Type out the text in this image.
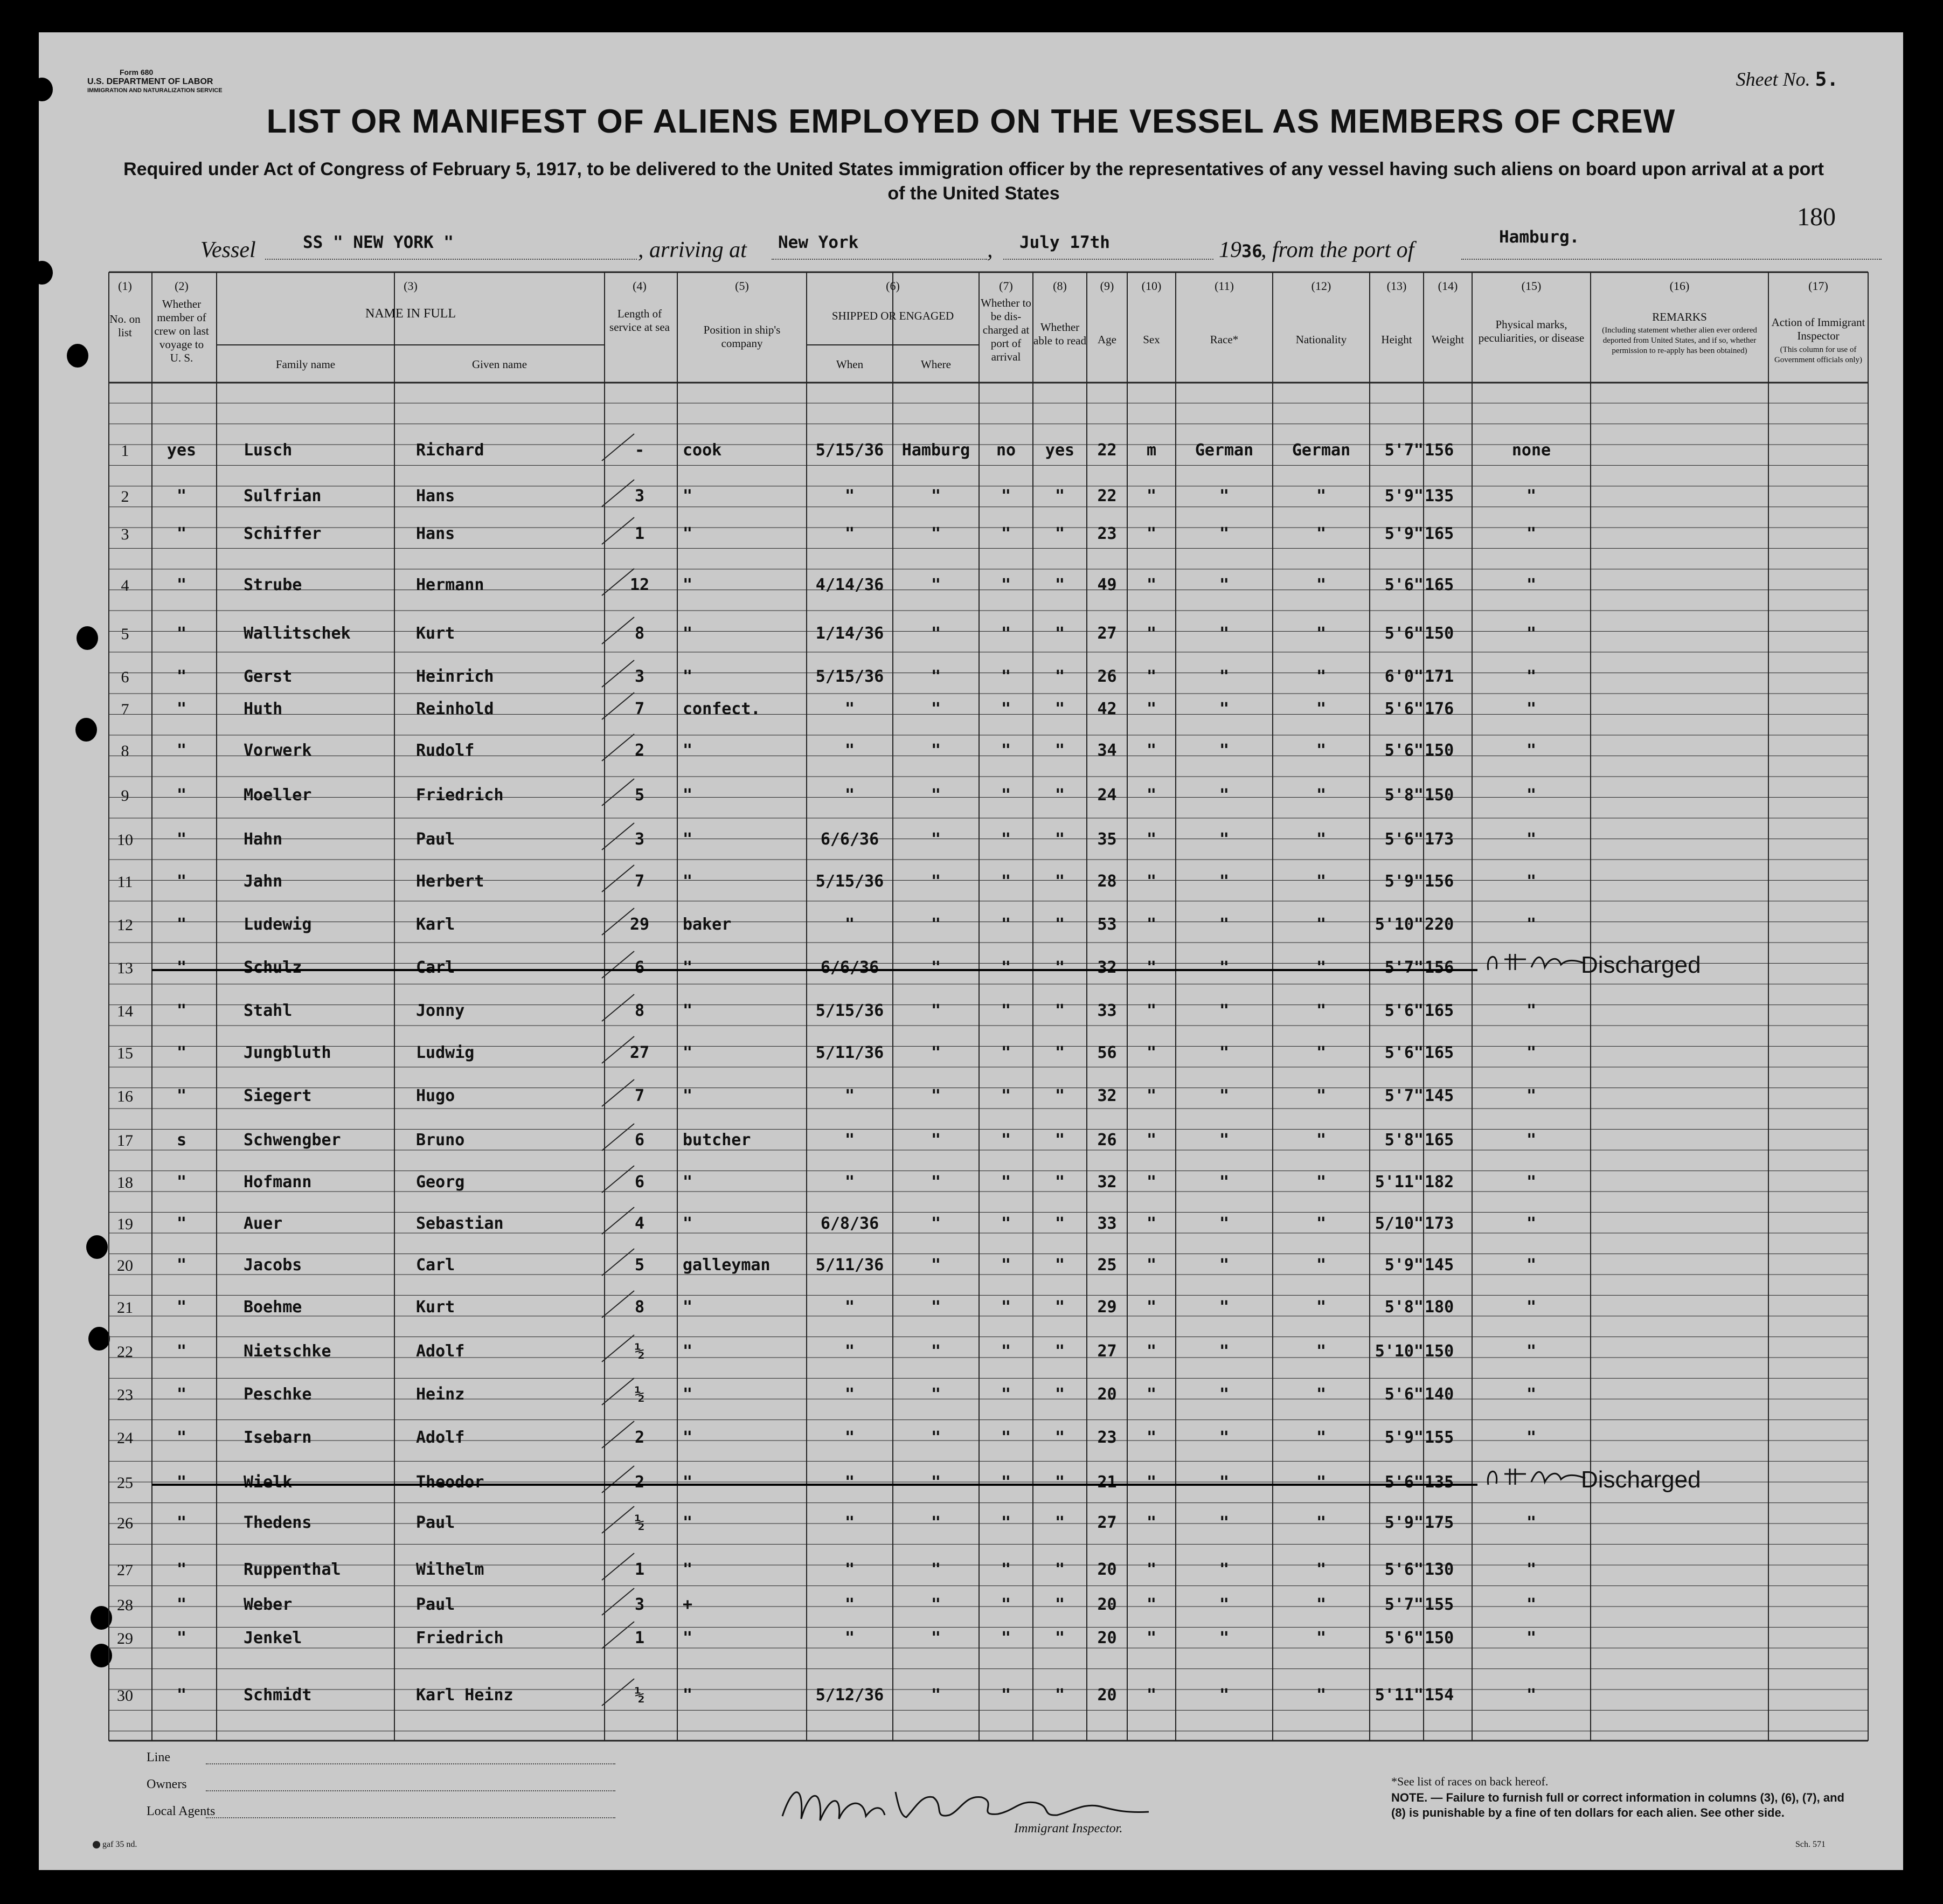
Form 680
U.S. DEPARTMENT OF LABOR
IMMIGRATION AND NATURALIZATION SERVICE
Sheet No. 5.
LIST OR MANIFEST OF ALIENS EMPLOYED ON THE VESSEL AS MEMBERS OF CREW
Required under Act of Congress of February 5, 1917, to be delivered to the United States immigration officer by the representatives of any vessel having such aliens on board upon arrival at a port of the United States
180
Vessel	SS " NEW YORK "	, arriving at New York	, July 17th	1936
, from the port of
Hamburg.
(1)
No. on list
(2)
Whether member of crew on last voyage to U. S.
(3)
NAME IN FULL
Family name	Given name
(4)
Length of service at sea
(5)
Position in ship's company
(6)
SHIPPED OR ENGAGED
When	Where
(7)
Whether to be dis-charged at port of arrival
(8)
Whether able to read
(9)
Age
(10)
Sex
(11)
Race*
(12)
Nationality
(13)
Height
(14)
Weight
(15)
Physical marks, peculiarities, or disease
(16)
REMARKS
(Including statement whether alien ever ordered deported from United States, and if so, whether permission to re-apply has been obtained)
(17)
Action of Immigrant Inspector
(This column for use of Government officials only)
1	yes	Lusch	Richard	-	cook	5/15/36	Hamburg	no	yes	22	m	German	German	5'7" 156	none
2	"	Sulfrian	Hans	3	"	"	"	"	"	22	"	"	"	5'9" 135	"
3	"	Schiffer	Hans	1	"	"	"	"	"	23	"	"	"	5'9" 165	"
4	"	Strube	Hermann	12	"	4/14/36	"	"	"	49	"	"	"	5'6" 165	"
5	"	Wallitschek	Kurt	8	"	1/14/36	"	"	"	27	"	"	"	5'6" 150	"
6	"	Gerst	Heinrich	3	"	5/15/36	"	"	"	26	"	"	"	6'0" 171	"
7	"	Huth	Reinhold	7	confect.	"	"	"	"	42	"	"	"	5'6" 176	"
8	"	Vorwerk	Rudolf	2	"	"	"	"	"	34	"	"	"	5'6" 150	"
9	"	Moeller	Friedrich	5	"	"	"	"	"	24	"	"	"	5'8" 150	"
10	"	Hahn	Paul	3	"	6/6/36	"	"	"	35	"	"	"	5'6" 173	"
11	"	Jahn	Herbert	7	"	5/15/36	"	"	"	28	"	"	"	5'9" 156	"
12	"	Ludewig	Karl	29	baker	"	"	"	"	53	"	"	"	5'10" 220	"
13	"	Schulz	Carl	6	"	6/6/36	"	"	"	32	"	"	"	5'7" 156	Discharged
14	"	Stahl	Jonny	8	"	5/15/36	"	"	"	33	"	"	"	5'6" 165	"
15	"	Jungbluth	Ludwig	27	"	5/11/36	"	"	"	56	"	"	"	5'6" 165	"
16	"	Siegert	Hugo	7	"	"	"	"	"	32	"	"	"	5'7" 145	"
17	s	Schwengber	Bruno	6	butcher	"	"	"	"	26	"	"	"	5'8" 165	"
18	"	Hofmann	Georg	6	"	"	"	"	"	32	"	"	"	5'11" 182	"
19	"	Auer	Sebastian	4	"	6/8/36	"	"	"	33	"	"	"	5/10" 173	"
20	"	Jacobs	Carl	5	galleyman	5/11/36	"	"	"	25	"	"	"	5'9" 145	"
21	"	Boehme	Kurt	8	"	"	"	"	"	29	"	"	"	5'8" 180	"
22	"	Nietschke	Adolf	½	"	"	"	"	"	27	"	"	"	5'10" 150	"
23	"	Peschke	Heinz	½	"	"	"	"	"	20	"	"	"	5'6" 140	"
24	"	Isebarn	Adolf	2	"	"	"	"	"	23	"	"	"	5'9" 155	"
25	"	Wielk	Theodor	2	"	"	"	"	"	21	"	"	"	5'6" 135	Discharged
26	"	Thedens	Paul	½	"	"	"	"	"	27	"	"	"	5'9" 175	"
27	"	Ruppenthal	Wilhelm	1	"	"	"	"	"	20	"	"	"	5'6" 130	"
28	"	Weber	Paul	3	+	"	"	"	"	20	"	"	"	5'7" 155	"
29	"	Jenkel	Friedrich	1	"	"	"	"	"	20	"	"	"	5'6" 150	"
30	"	Schmidt	Karl Heinz	½	"	5/12/36	"	"	"	20	"	"	"	5'11" 154	"
Line
Owners
Local Agents
Immigrant Inspector.
*See list of races on back hereof.
NOTE. — Failure to furnish full or correct information in columns (3), (6), (7), and (8) is punishable by a fine of ten dollars for each alien. See other side.
gaf 35 nd.	Sch. 571
